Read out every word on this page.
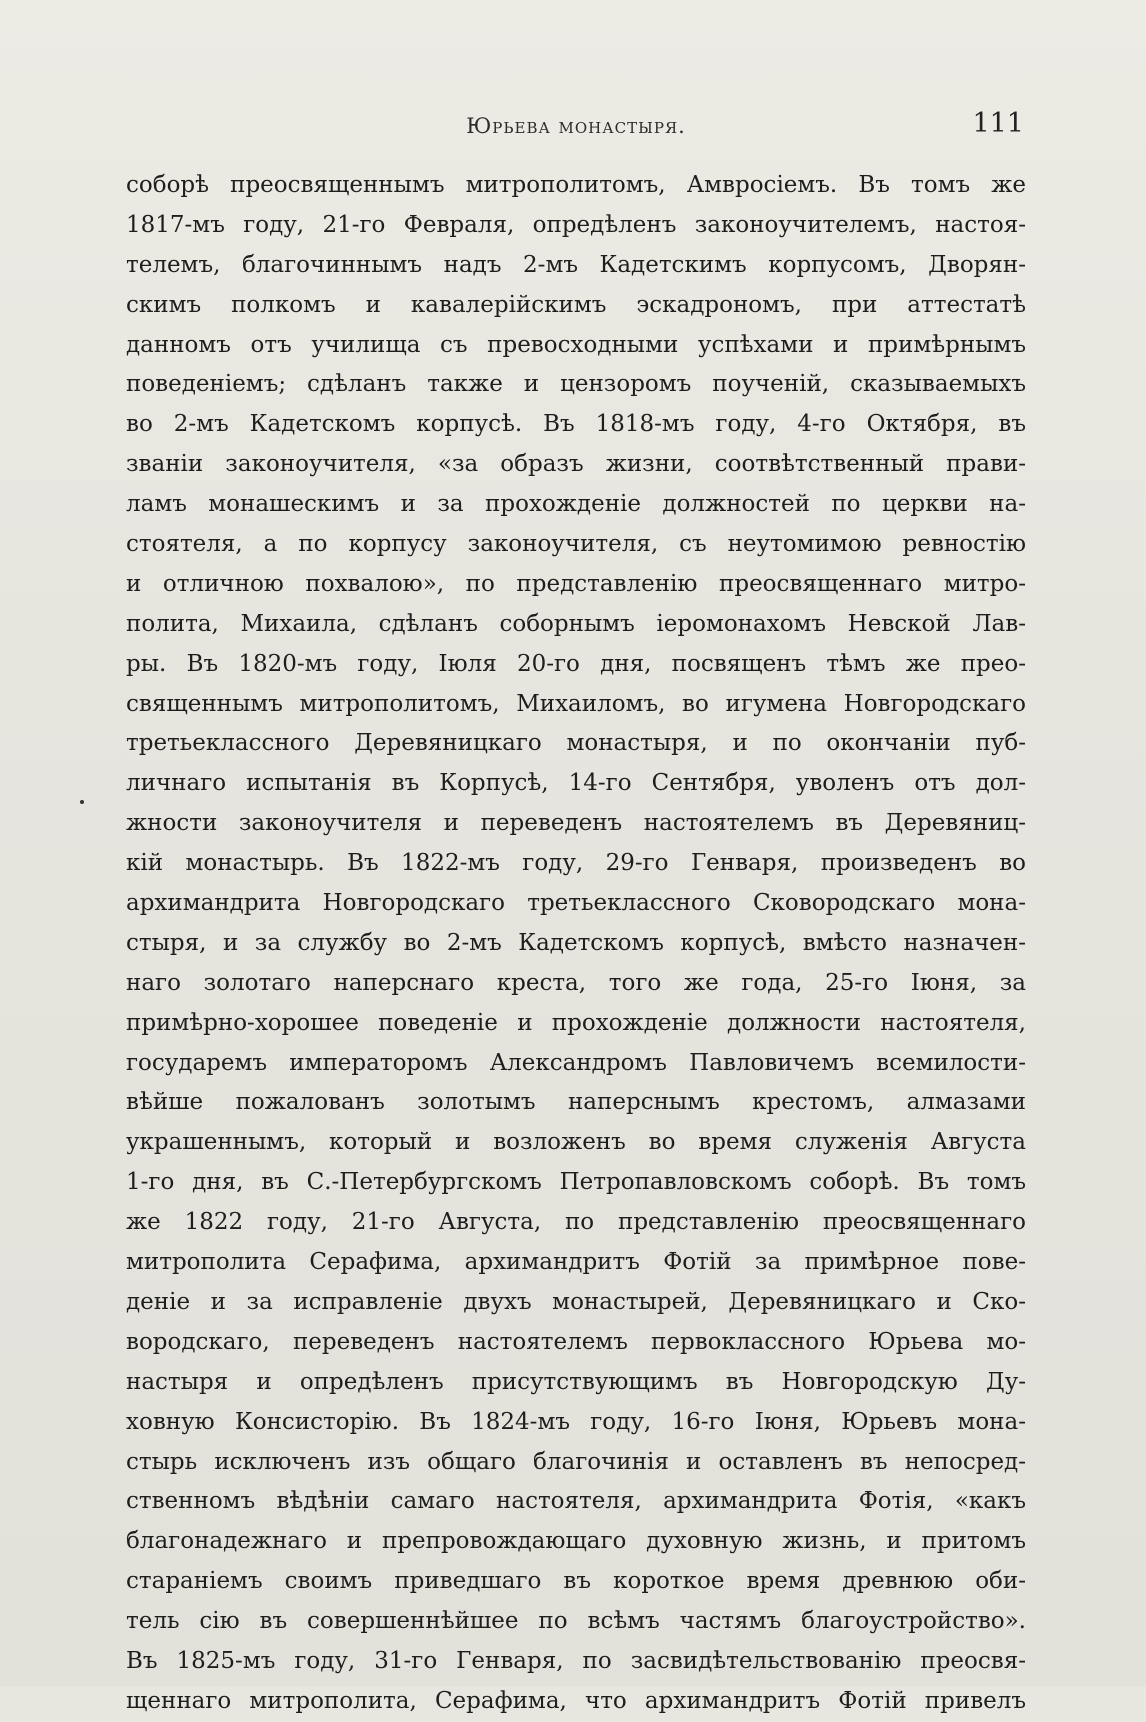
Юрьева монастыря.	111
соборѣ преосвященнымъ митрополитомъ, Амвросіемъ. Въ томъ же
1817-мъ году, 21-го Февраля, опредѣленъ законоучителемъ, настоя-
телемъ, благочиннымъ надъ 2-мъ Кадетскимъ корпусомъ, Дворян-
скимъ полкомъ и кавалерійскимъ эскадрономъ, при аттестатѣ
данномъ отъ училища съ превосходными успѣхами и примѣрнымъ
поведеніемъ; сдѣланъ также и цензоромъ поученій, сказываемыхъ
во 2-мъ Кадетскомъ корпусѣ. Въ 1818-мъ году, 4-го Октября, въ
званіи законоучителя, «за образъ жизни, соотвѣтственный прави-
ламъ монашескимъ и за прохожденіе должностей по церкви на-
стоятеля, а по корпусу законоучителя, съ неутомимою ревностію
и отличною похвалою», по представленію преосвященнаго митро-
полита, Михаила, сдѣланъ соборнымъ іеромонахомъ Невской Лав-
ры. Въ 1820-мъ году, Іюля 20-го дня, посвященъ тѣмъ же прео-
священнымъ митрополитомъ, Михаиломъ, во игумена Новгородскаго
третьеклассного Деревяницкаго монастыря, и по окончаніи пуб-
личнаго испытанія въ Корпусѣ, 14-го Сентября, уволенъ отъ дол-
жности законоучителя и переведенъ настоятелемъ въ Деревяниц-
кій монастырь. Въ 1822-мъ году, 29-го Генваря, произведенъ во
архимандрита Новгородскаго третьеклассного Сковородскаго мона-
стыря, и за службу во 2-мъ Кадетскомъ корпусѣ, вмѣсто назначен-
наго золотаго наперснаго креста, того же года, 25-го Іюня, за
примѣрно-хорошее поведеніе и прохожденіе должности настоятеля,
государемъ императоромъ Александромъ Павловичемъ всемилости-
вѣйше пожалованъ золотымъ наперснымъ крестомъ, алмазами
украшеннымъ, который и возложенъ во время служенія Августа
1-го дня, въ С.-Петербургскомъ Петропавловскомъ соборѣ. Въ томъ
же 1822 году, 21-го Августа, по представленію преосвященнаго
митрополита Серафима, архимандритъ Фотій за примѣрное пове-
деніе и за исправленіе двухъ монастырей, Деревяницкаго и Ско-
вородскаго, переведенъ настоятелемъ первоклассного Юрьева мо-
настыря и опредѣленъ присутствующимъ въ Новгородскую Ду-
ховную Консисторію. Въ 1824-мъ году, 16-го Іюня, Юрьевъ мона-
стырь исключенъ изъ общаго благочинія и оставленъ въ непосред-
ственномъ вѣдѣніи самаго настоятеля, архимандрита Фотія, «какъ
благонадежнаго и препровождающаго духовную жизнь, и притомъ
стараніемъ своимъ приведшаго въ короткое время древнюю оби-
тель сію въ совершеннѣйшее по всѣмъ частямъ благоустройство».
Въ 1825-мъ году, 31-го Генваря, по засвидѣтельствованію преосвя-
щеннаго митрополита, Серафима, что архимандритъ Фотій привелъ
